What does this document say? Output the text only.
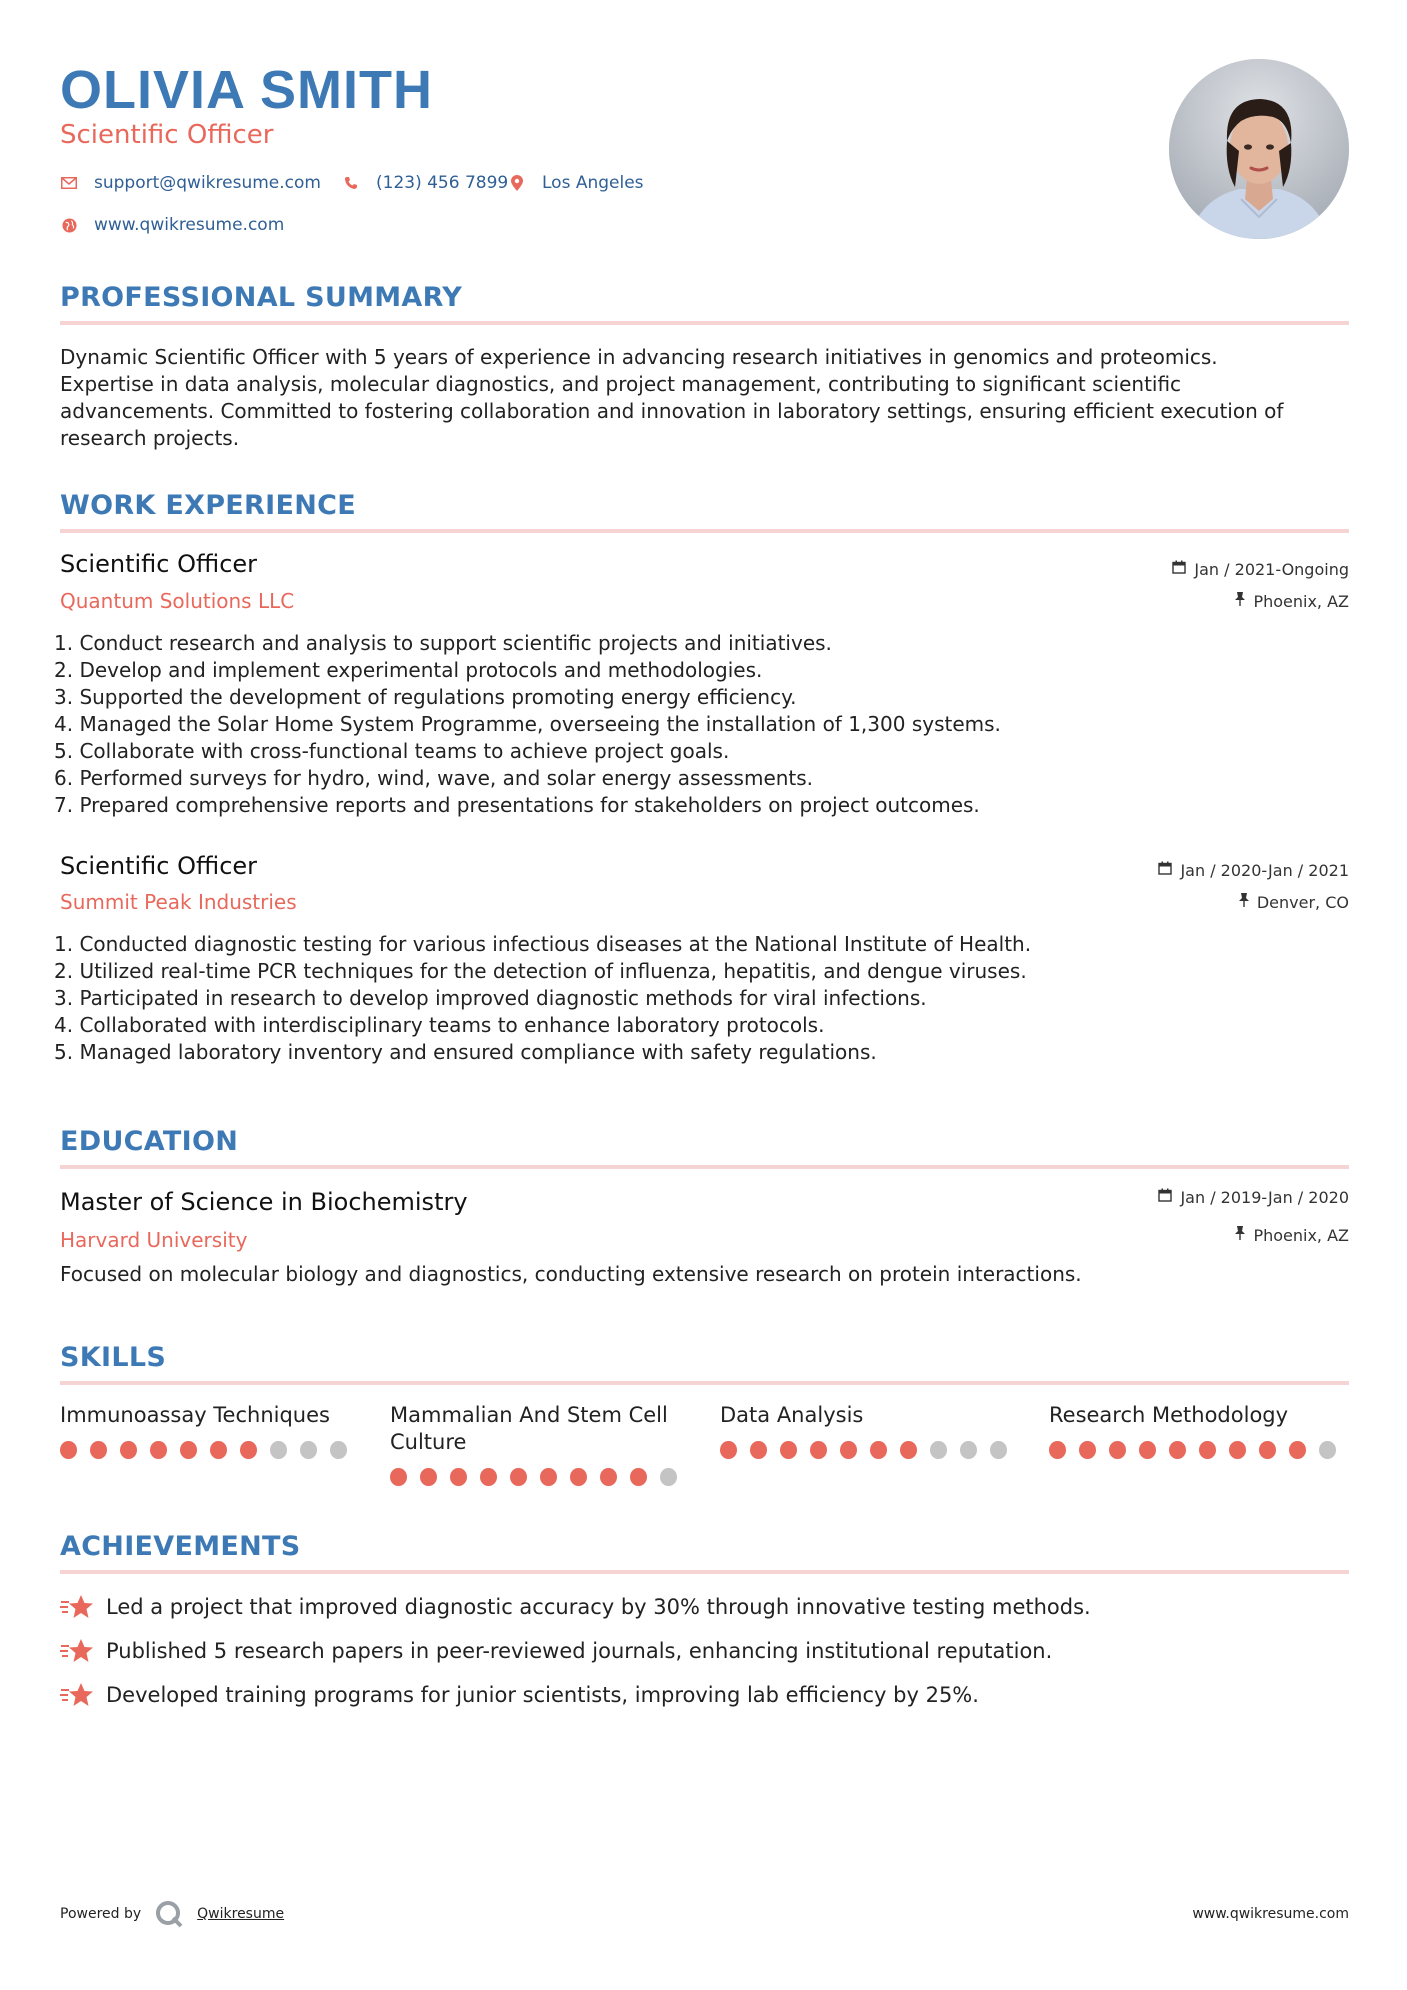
OLIVIA SMITH
Scientific Officer
support@qwikresume.com	(123) 456 7899 Los Angeles
www.qwikresume.com
PROFESSIONAL SUMMARY
Dynamic Scientific Officer with 5 years of experience in advancing research initiatives in genomics and proteomics.
Expertise in data analysis, molecular diagnostics, and project management, contributing to significant scientific
advancements. Committed to fostering collaboration and innovation in laboratory settings, ensuring efficient execution of
research projects.
WORK EXPERIENCE
Scientific Officer	Jan / 2021-Ongoing
Quantum Solutions LLC	Phoenix, AZ
1. Conduct research and analysis to support scientific projects and initiatives.
2. Develop and implement experimental protocols and methodologies.
3. Supported the development of regulations promoting energy efficiency.
4. Managed the Solar Home System Programme, overseeing the installation of 1,300 systems.
5. Collaborate with cross-functional teams to achieve project goals.
6. Performed surveys for hydro, wind, wave, and solar energy assessments.
7. Prepared comprehensive reports and presentations for stakeholders on project outcomes.
Scientific Officer	Jan / 2020-Jan / 2021
Summit Peak Industries	Denver, CO
1. Conducted diagnostic testing for various infectious diseases at the National Institute of Health.
2. Utilized real-time PCR techniques for the detection of influenza, hepatitis, and dengue viruses.
3. Participated in research to develop improved diagnostic methods for viral infections.
4. Collaborated with interdisciplinary teams to enhance laboratory protocols.
5. Managed laboratory inventory and ensured compliance with safety regulations.
EDUCATION
Master of Science in Biochemistry	Jan / 2019-Jan / 2020
Harvard University	Phoenix, AZ
Focused on molecular biology and diagnostics, conducting extensive research on protein interactions.
SKILLS
Immunoassay Techniques	Mammalian And Stem Cell Culture
Data Analysis	Research Methodology
ACHIEVEMENTS
Led a project that improved diagnostic accuracy by 30% through innovative testing methods.
Published 5 research papers in peer-reviewed journals, enhancing institutional reputation.
Developed training programs for junior scientists, improving lab efficiency by 25%.
Powered by	Qwikresume	www.qwikresume.com
